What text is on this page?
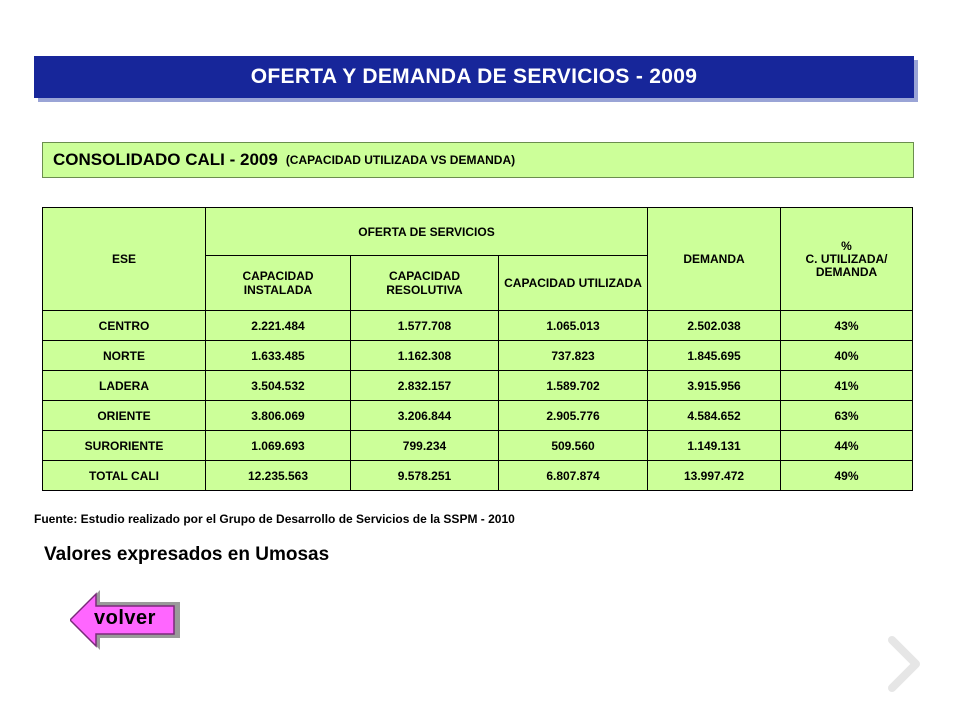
OFERTA Y DEMANDA DE SERVICIOS - 2009
CONSOLIDADO CALI - 2009 (CAPACIDAD UTILIZADA VS DEMANDA)
ESE	OFERTA DE SERVICIOS			DEMANDA	%
C. UTILIZADA/
DEMANDA

	CAPACIDAD INSTALADA	CAPACIDAD RESOLUTIVA	CAPACIDAD UTILIZADA		
CENTRO	2.221.484	1.577.708	1.065.013	2.502.038	43%
NORTE	1.633.485	1.162.308	737.823	1.845.695	40%
LADERA	3.504.532	2.832.157	1.589.702	3.915.956	41%
ORIENTE	3.806.069	3.206.844	2.905.776	4.584.652	63%
SURORIENTE	1.069.693	799.234	509.560	1.149.131	44%
TOTAL CALI	12.235.563	9.578.251	6.807.874	13.997.472	49%
Fuente: Estudio realizado por el Grupo de Desarrollo de Servicios de la SSPM - 2010
Valores expresados en Umosas
volver
